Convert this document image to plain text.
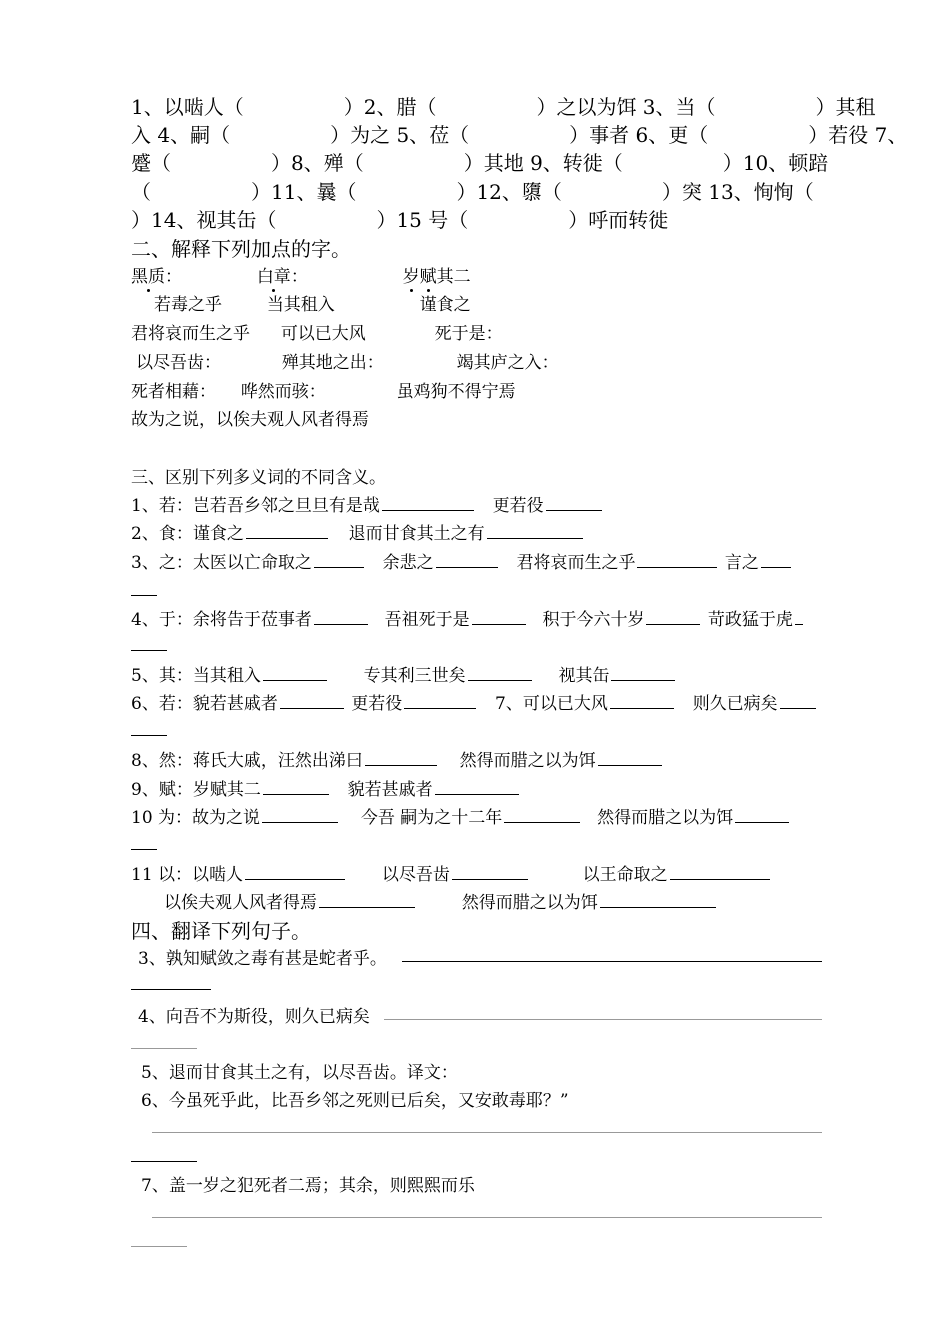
1、以啮人（　　　　　）2、腊（　　　　　）之以为饵 3、当（　　　　　）其租
入 4、嗣（　　　　　）为之 5、莅（　　　　　）事者 6、更（　　　　　）若役 7、
蹙（　　　　　）8、殚（　　　　　）其地 9、转徙（　　　　　）10、顿踣
（　　　　　）11、曩（　　　　　）12、隳（　　　　　）突 13、恂恂（
）14、视其缶（　　　　　）15 号（　　　　　）呼而转徙
二、解释下列加点的字。
黑质：	白章：	岁赋其二
若毒之乎	当其租入	谨食之
君将哀而生之乎 可以已大风	死于是：
以尽吾齿：	殚其地之出：	竭其庐之入：
死者相藉： 哗然而骇：	虽鸡狗不得宁焉
故为之说，以俟夫观人风者得焉
三、区别下列多义词的不同含义。
1、若：岂若吾乡邻之旦旦有是哉	更若役
2、食：谨食之	退而甘食其土之有
3、之：太医以亡命取之	余悲之	君将哀而生之乎	言之
4、于：余将告于莅事者	吾祖死于是	积于今六十岁	苛政猛于虎
5、其：当其租入	专其利三世矣	视其缶
6、若：貌若甚戚者	更若役	7、可以已大风	则久已病矣
8、然：蒋氏大戚，汪然出涕曰	然得而腊之以为饵
9、赋：岁赋其二	貌若甚戚者
10 为：故为之说	今吾 嗣为之十二年	然得而腊之以为饵
11 以：以啮人	以尽吾齿	以王命取之
以俟夫观人风者得焉	然得而腊之以为饵
四、翻译下列句子。
3、孰知赋敛之毒有甚是蛇者乎。
4、向吾不为斯役，则久已病矣
5、退而甘食其土之有，以尽吾齿。译文：
6、今虽死乎此，比吾乡邻之死则已后矣，又安敢毒耶？”
7、盖一岁之犯死者二焉；其余，则熙熙而乐
